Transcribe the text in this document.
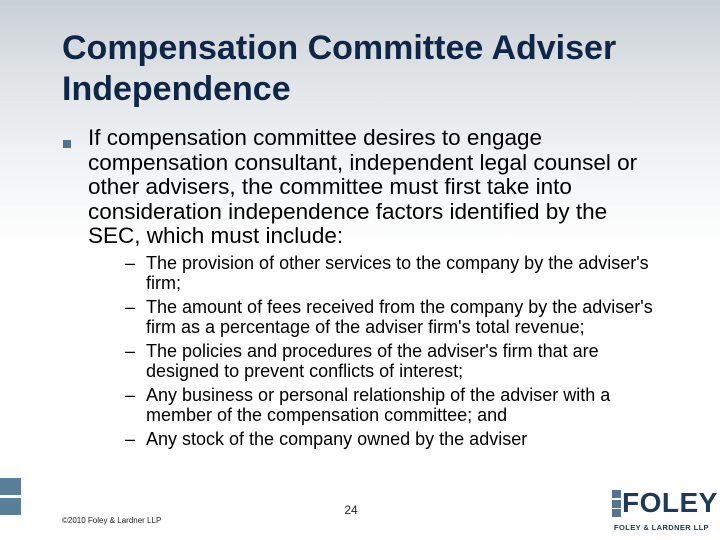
Compensation Committee Adviser Independence
If compensation committee desires to engage compensation consultant, independent legal counsel or other advisers, the committee must first take into consideration independence factors identified by the SEC, which must include:
– The provision of other services to the company by the adviser's firm;
– The amount of fees received from the company by the adviser's firm as a percentage of the adviser firm's total revenue;
– The policies and procedures of the adviser's firm that are designed to prevent conflicts of interest;
– Any business or personal relationship of the adviser with a member of the compensation committee; and
– Any stock of the company owned by the adviser
©2010 Foley & Lardner LLP
24	FOLEY
FOLEY & LARDNER LLP
